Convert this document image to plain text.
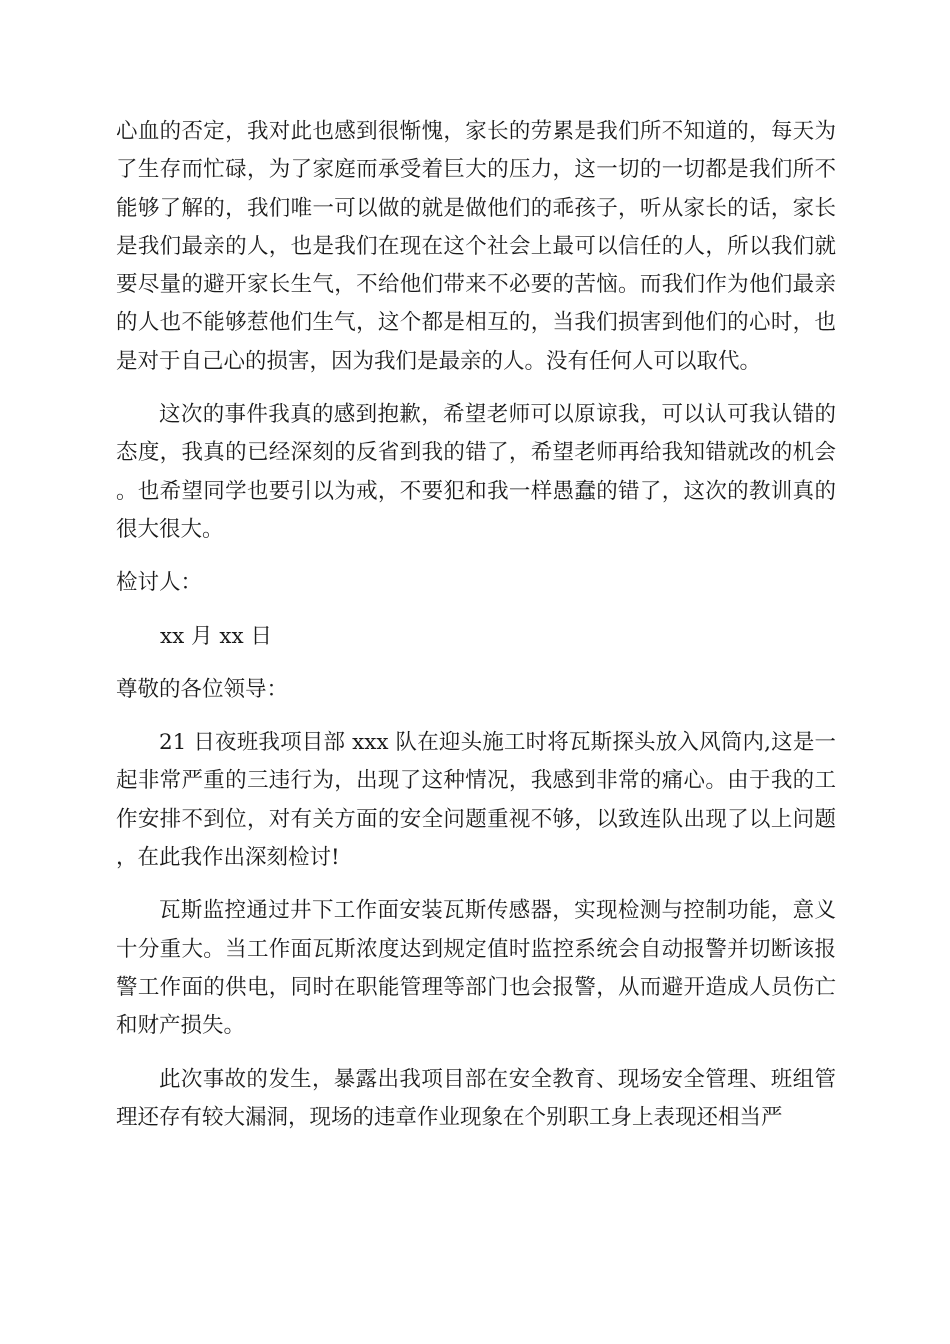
心血的否定，我对此也感到很惭愧，家长的劳累是我们所不知道的，每天为了生存而忙碌，为了家庭而承受着巨大的压力，这一切的一切都是我们所不能够了解的，我们唯一可以做的就是做他们的乖孩子，听从家长的话，家长是我们最亲的人，也是我们在现在这个社会上最可以信任的人，所以我们就要尽量的避开家长生气，不给他们带来不必要的苦恼。而我们作为他们最亲的人也不能够惹他们生气，这个都是相互的，当我们损害到他们的心时，也是对于自己心的损害，因为我们是最亲的人。没有任何人可以取代。

这次的事件我真的感到抱歉，希望老师可以原谅我，可以认可我认错的态度，我真的已经深刻的反省到我的错了，希望老师再给我知错就改的机会。也希望同学也要引以为戒，不要犯和我一样愚蠢的错了，这次的教训真的很大很大。

检讨人：

xx 月 xx 日

尊敬的各位领导：

21 日夜班我项目部 xxx 队在迎头施工时将瓦斯探头放入风筒内,这是一起非常严重的三违行为，出现了这种情况，我感到非常的痛心。由于我的工作安排不到位，对有关方面的安全问题重视不够，以致连队出现了以上问题，在此我作出深刻检讨!

瓦斯监控通过井下工作面安装瓦斯传感器，实现检测与控制功能，意义十分重大。当工作面瓦斯浓度达到规定值时监控系统会自动报警并切断该报警工作面的供电，同时在职能管理等部门也会报警，从而避开造成人员伤亡和财产损失。

此次事故的发生，暴露出我项目部在安全教育、现场安全管理、班组管理还存有较大漏洞，现场的违章作业现象在个别职工身上表现还相当严
